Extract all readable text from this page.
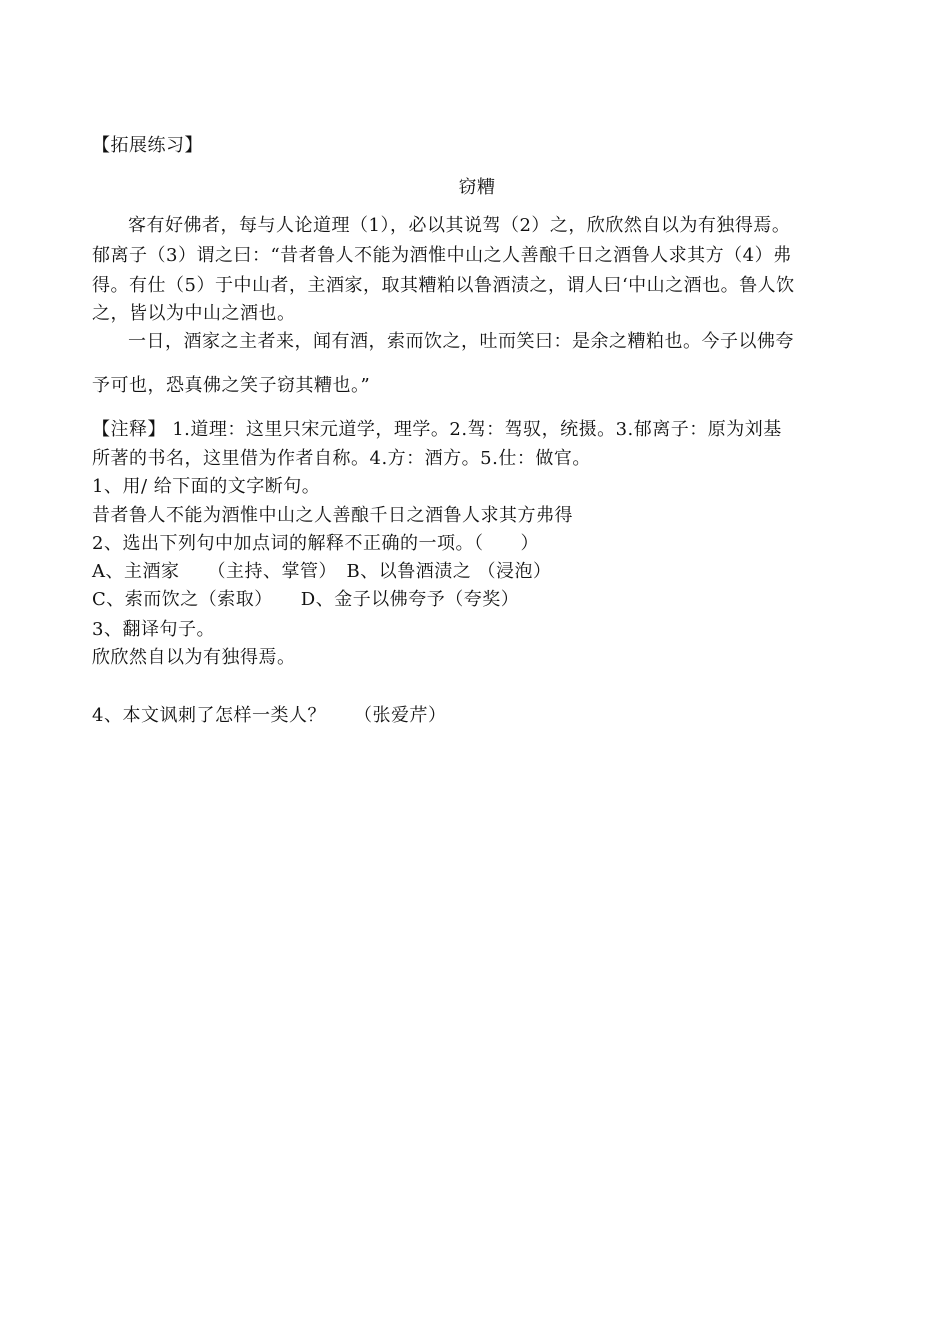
【拓展练习】
窃糟
客有好佛者，每与人论道理（1），必以其说驾（2）之，欣欣然自以为有独得焉。
郁离子（3）谓之曰：“昔者鲁人不能为酒惟中山之人善酿千日之酒鲁人求其方（4）弗
得。有仕（5）于中山者，主酒家，取其糟粕以鲁酒渍之，谓人曰‘中山之酒也。鲁人饮
之，皆以为中山之酒也。
一日，酒家之主者来，闻有酒，索而饮之，吐而笑曰：是余之糟粕也。今子以佛夸
予可也，恐真佛之笑子窃其糟也。”
【注释】 1.道理：这里只宋元道学，理学。2.驾：驾驭，统摄。3.郁离子：原为刘基
所著的书名，这里借为作者自称。4.方：酒方。5.仕：做官。
1、用/ 给下面的文字断句。
昔者鲁人不能为酒惟中山之人善酿千日之酒鲁人求其方弗得
2、选出下列句中加点词的解释不正确的一项。（　　）
A、主酒家　　（主持、掌管）　B、以鲁酒渍之 （浸泡）
C、索而饮之（索取）　　D、金子以佛夸予（夸奖）
3、翻译句子。
欣欣然自以为有独得焉。
4、本文讽刺了怎样一类人？　　（张爱芹）
